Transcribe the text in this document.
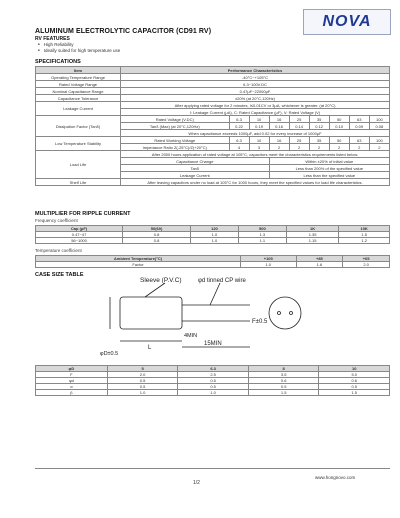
NOVA
ALUMINUM ELECTROLYTIC CAPACITOR (CD91 RV)
RV FEATURES
• High Reliability
• Ideally suited for high temperature use
SPECIFICATIONS
Item	Performance Characteristics								
Operating Temperature Range	-40°C~+105°C								
Rated Voltage Range	6.3~100V.DC								
Nominal Capacitance Range	0.47μF~22000μF								
Capacitance Tolerance	±20% (at 20°C,120Hz)								
Leakage Current	After applying rated voltage for 2 minutes, I≤0.01CV or 3μA, whichever is greater. (at 20°C)								
	I: Leakage Current (μA), C: Rated Capacitance (μF), V: Rated Voltage (V)								
Dissipation Factor (Tanδ)	Rated Voltage (V.DC)	6.3	10	16	25	35	50	63	100
	Tanδ (Max) (at 20°C,120Hz)	0.22	0.19	0.16	0.14	0.12	0.10	0.09	0.08
	When capacitance exceeds 1000μF, add 0.02 for every increase of 1000μF								
Low Temperature Stability	Rated Working Voltage	6.3	10	16	25	35	50	63	100
	Impedance Ratio Z(-25°C)/Z(+20°C)	4	3	2	2	2	2	2	2
Load Life	After 2000 hours application of rated voltage at 105°C, capacitors meet the characteristics requirements listed below.								
	Capacitance Change			Within ±20% of initial value					
	Tanδ			Less than 200% of the specified value					
	Leakage Current			Less than the specified value					
Shelf Life	After leaving capacitors under no load at 105°C for 1000 hours, they meet the specified values for load life characteristics.								
MULTIPLIER FOR RIPPLE CURRENT
Frequency coefficient
Cap (μF)	50(60)	120	500	1K	10K
0.47~47	0.8	1.0	1.3	1.35	1.5
56~1000	0.8	1.0	1.1	1.15	1.2
Temperature coefficient
Ambient Temperature(°C)	+105	+85	+65
Factor	1.0	1.6	2.0
CASE SIZE TABLE
Sleeve (P.V.C)	φd tinned CP wire
F±0.5
4MIN
15MIN
L
φD±0.5
φD	5	6.3	8	10
F	2.0	2.5	3.5	5.0
φd	0.5	0.5	0.6	0.6
α	0.5	0.5	0.5	0.5
β	1.0	1.0	1.5	1.5
www.hongnovo.com
1/2
